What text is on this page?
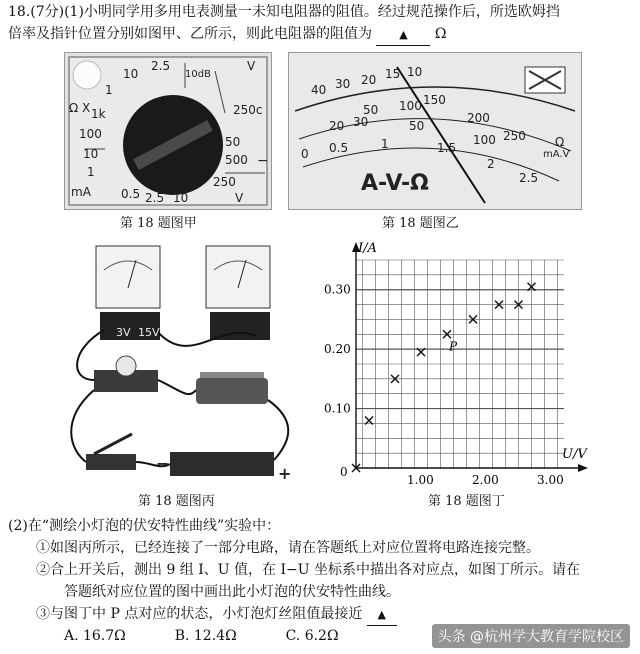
18.(7分)(1)小明同学用多用电表测量一未知电阻器的阻值。经过规范操作后，所选欧姆挡
倍率及指针位置分别如图甲、乙所示，则此电阻器的阻值为 ▲ Ω
2.5
10dB
V
Ω X 1k
100
10
1
10
mA	0.5 2.5 10
50
250
500
V
250c
1
−
第 18 题图甲
40 30 20 15 10
150
50 100
200
250
20 30	50
100
0 0.5	1	1.5
2
2.5
Ω
mA.V
A-V-Ω
第 18 题图乙
3V 15V
−
+
第 18 题图丙
0.30
0.20
0.10
1.00	2.00	3.00
I/A
U/V
0
P
第 18 题图丁
(2)在“测绘小灯泡的伏安特性曲线”实验中：
①如图丙所示，已经连接了一部分电路，请在答题纸上对应位置将电路连接完整。
②合上开关后，测出 9 组 I、U 值，在 I−U 坐标系中描出各对应点，如图丁所示。请在
答题纸对应位置的图中画出此小灯泡的伏安特性曲线。
③与图丁中 P 点对应的状态，小灯泡灯丝阻值最接近 ▲
A. 16.7Ω	B. 12.4Ω	C. 6.2Ω	头条 @杭州学大教育学院校区
